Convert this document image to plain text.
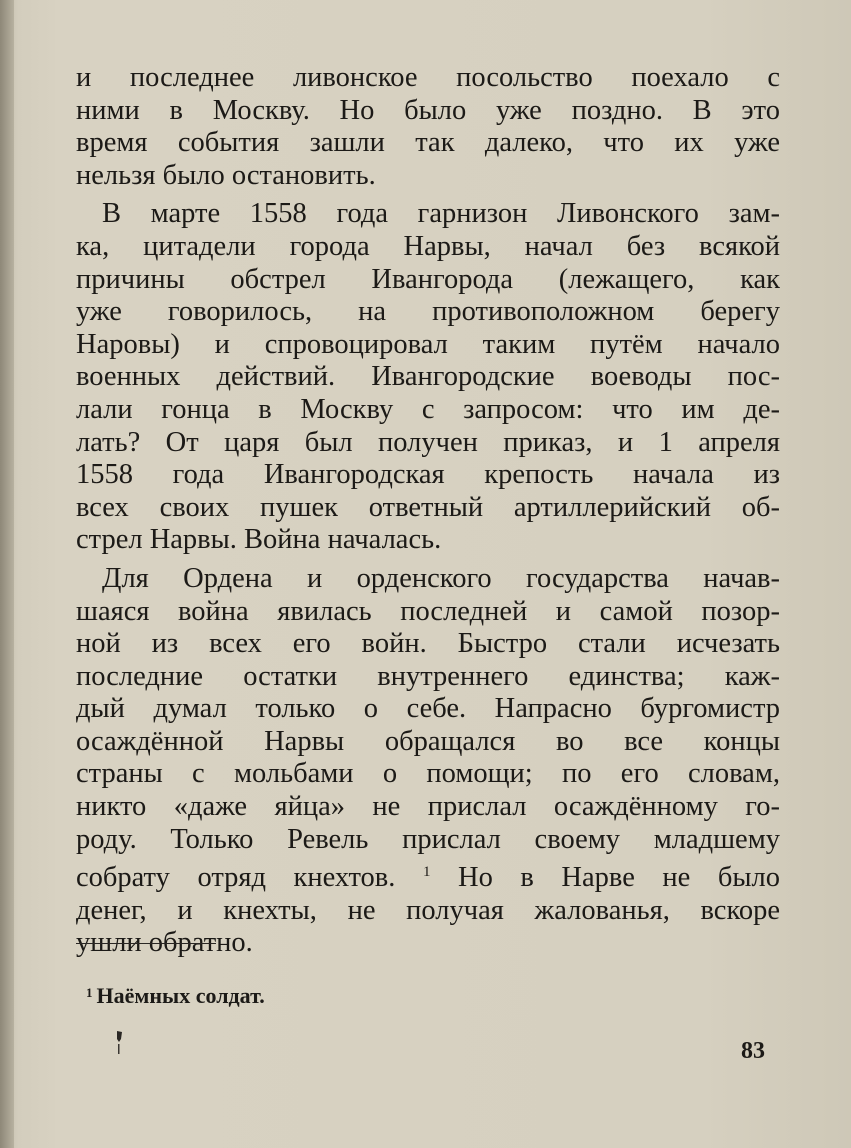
и последнее ливонское посольство поехало с
ними в Москву. Но было уже поздно. В это
время события зашли так далеко, что их уже
нельзя было остановить.

В марте 1558 года гарнизон Ливонского зам-
ка, цитадели города Нарвы, начал без всякой
причины обстрел Ивангорода (лежащего, как
уже говорилось, на противоположном берегу
Наровы) и спровоцировал таким путём начало
военных действий. Ивангородские воеводы пос-
лали гонца в Москву с запросом: что им де-
лать? От царя был получен приказ, и 1 апреля
1558 года Ивангородская крепость начала из
всех своих пушек ответный артиллерийский об-
стрел Нарвы. Война началась.

Для Ордена и орденского государства начав-
шаяся война явилась последней и самой позор-
ной из всех его войн. Быстро стали исчезать
последние остатки внутреннего единства; каж-
дый думал только о себе. Напрасно бургомистр
осаждённой Нарвы обращался во все концы
страны с мольбами о помощи; по его словам,
никто «даже яйца» не прислал осаждённому го-
роду. Только Ревель прислал своему младшему
собрату отряд кнехтов. $^1$ Но в Нарве не было
денег, и кнехты, не получая жалованья, вскоре
ушли обратно.

$^1$ Наёмных солдат.
83
